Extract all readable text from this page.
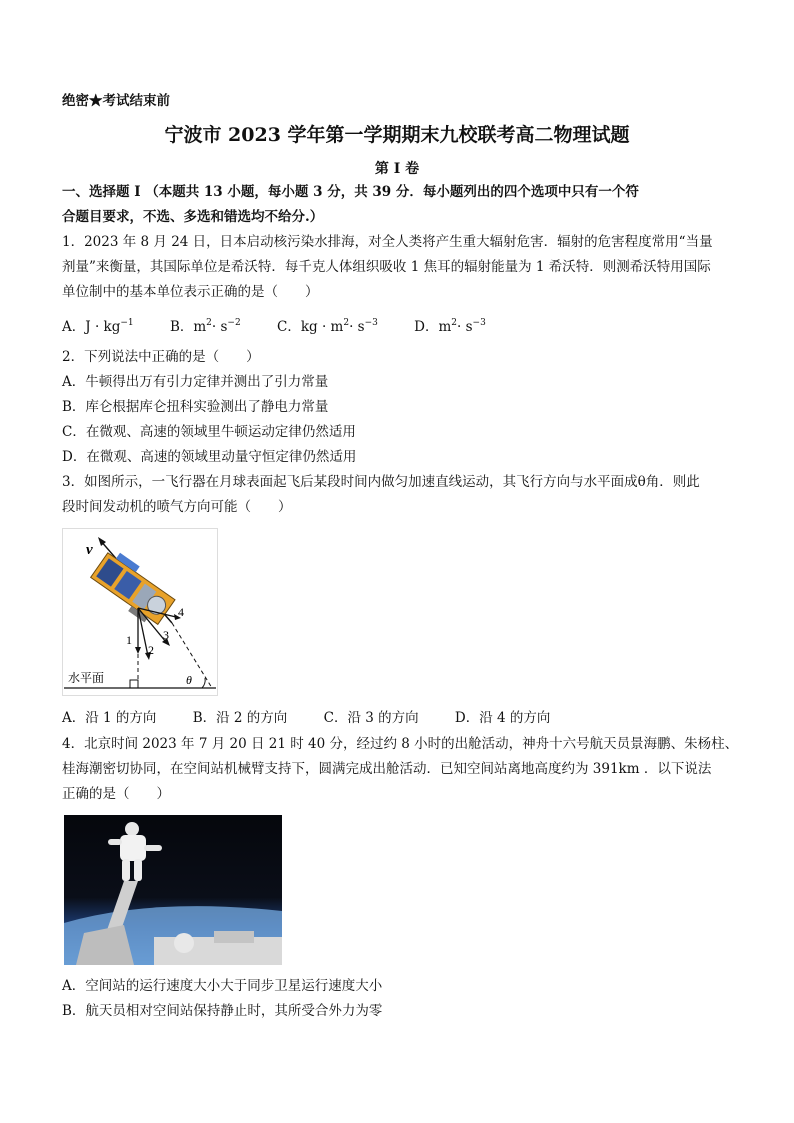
绝密★考试结束前
宁波市 2023 学年第一学期期末九校联考高二物理试题
第 I 卷
一、选择题 I （本题共 13 小题，每小题 3 分，共 39 分．每小题列出的四个选项中只有一个符
合题目要求，不选、多选和错选均不给分.）
1．2023 年 8 月 24 日，日本启动核污染水排海，对全人类将产生重大辐射危害．辐射的危害程度常用“当量
剂量”来衡量，其国际单位是希沃特．每千克人体组织吸收 1 焦耳的辐射能量为 1 希沃特．则测希沃特用国际
单位制中的基本单位表示正确的是（　　）
A．$J \cdot kg^{-1}$	B．$m^2\cdot s^{-2}$	C．kg · $m^2\cdot s^{-3}$	D．$m^2\cdot s^{-3}$
2．下列说法中正确的是（　　）
A．牛顿得出万有引力定律并测出了引力常量
B．库仑根据库仑扭科实验测出了静电力常量
C．在微观、高速的领域里牛顿运动定律仍然适用
D．在微观、高速的领域里动量守恒定律仍然适用
3．如图所示，一飞行器在月球表面起飞后某段时间内做匀加速直线运动，其飞行方向与水平面成θ角．则此
段时间发动机的喷气方向可能（　　）
v
1
2
3
4
水平面	θ
A．沿 1 的方向	B．沿 2 的方向	C．沿 3 的方向	D．沿 4 的方向
4．北京时间 2023 年 7 月 20 日 21 时 40 分，经过约 8 小时的出舱活动，神舟十六号航天员景海鹏、朱杨柱、
桂海潮密切协同，在空间站机械臂支持下，圆满完成出舱活动．已知空间站离地高度约为 391km ．以下说法
正确的是（　　）
A．空间站的运行速度大小大于同步卫星运行速度大小
B．航天员相对空间站保持静止时，其所受合外力为零
